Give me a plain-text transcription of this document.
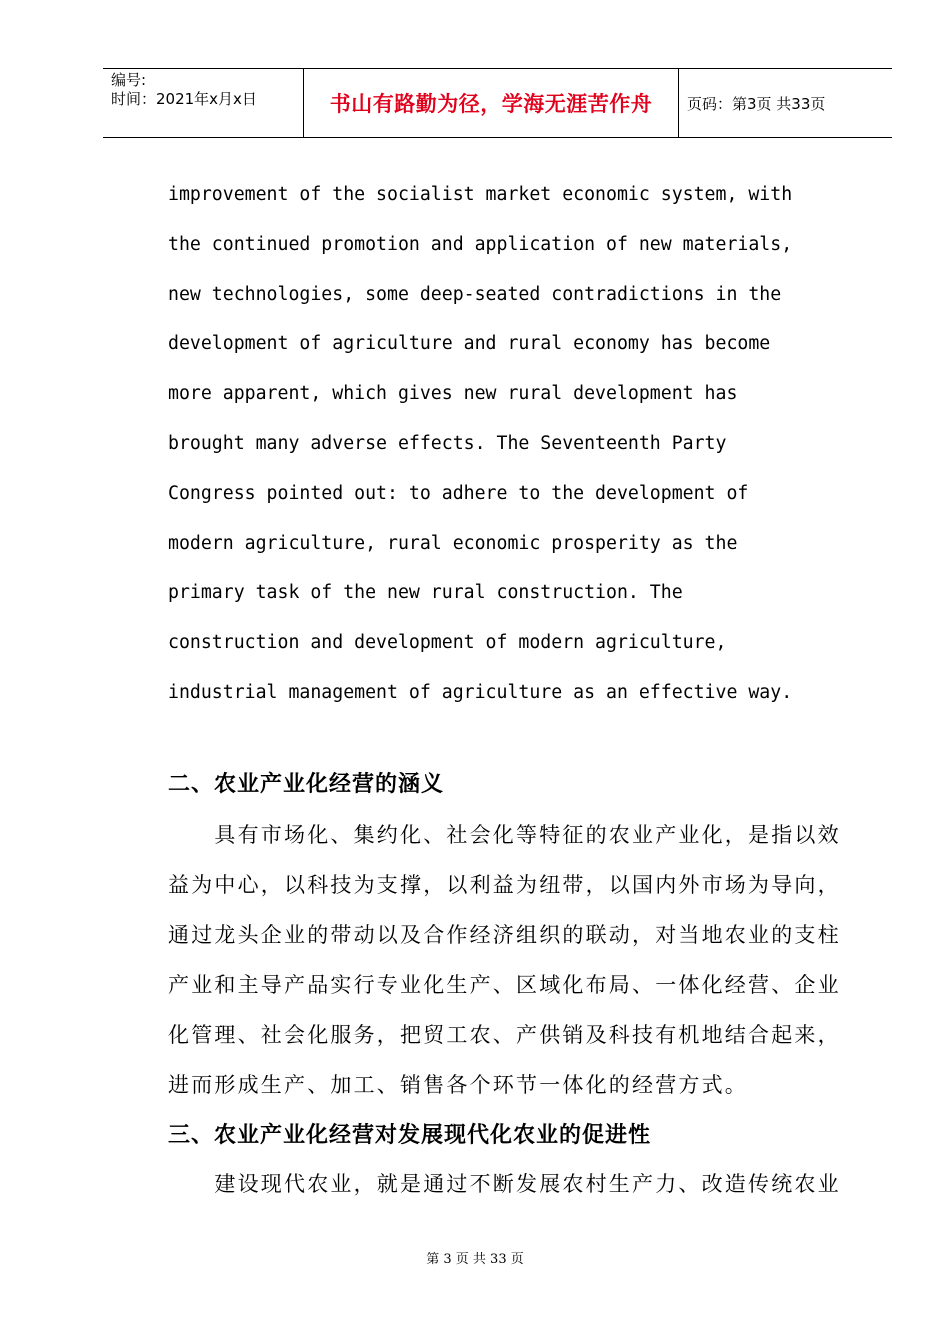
编号:
时间：2021年x月x日	书山有路勤为径，学海无涯苦作舟	页码：第3页 共33页
improvement of the socialist market economic system, with
the continued promotion and application of new materials,
new technologies, some deep-seated contradictions in the
development of agriculture and rural economy has become
more apparent, which gives new rural development has
brought many adverse effects. The Seventeenth Party
Congress pointed out: to adhere to the development of
modern agriculture, rural economic prosperity as the
primary task of the new rural construction. The
construction and development of modern agriculture,
industrial management of agriculture as an effective way.
二、农业产业化经营的涵义
　　具有市场化、集约化、社会化等特征的农业产业化，是指以效
益为中心，以科技为支撑，以利益为纽带，以国内外市场为导向，
通过龙头企业的带动以及合作经济组织的联动，对当地农业的支柱
产业和主导产品实行专业化生产、区域化布局、一体化经营、企业
化管理、社会化服务，把贸工农、产供销及科技有机地结合起来，
进而形成生产、加工、销售各个环节一体化的经营方式。
三、农业产业化经营对发展现代化农业的促进性
　　建设现代农业，就是通过不断发展农村生产力、改造传统农业
第 3 页 共 33 页
